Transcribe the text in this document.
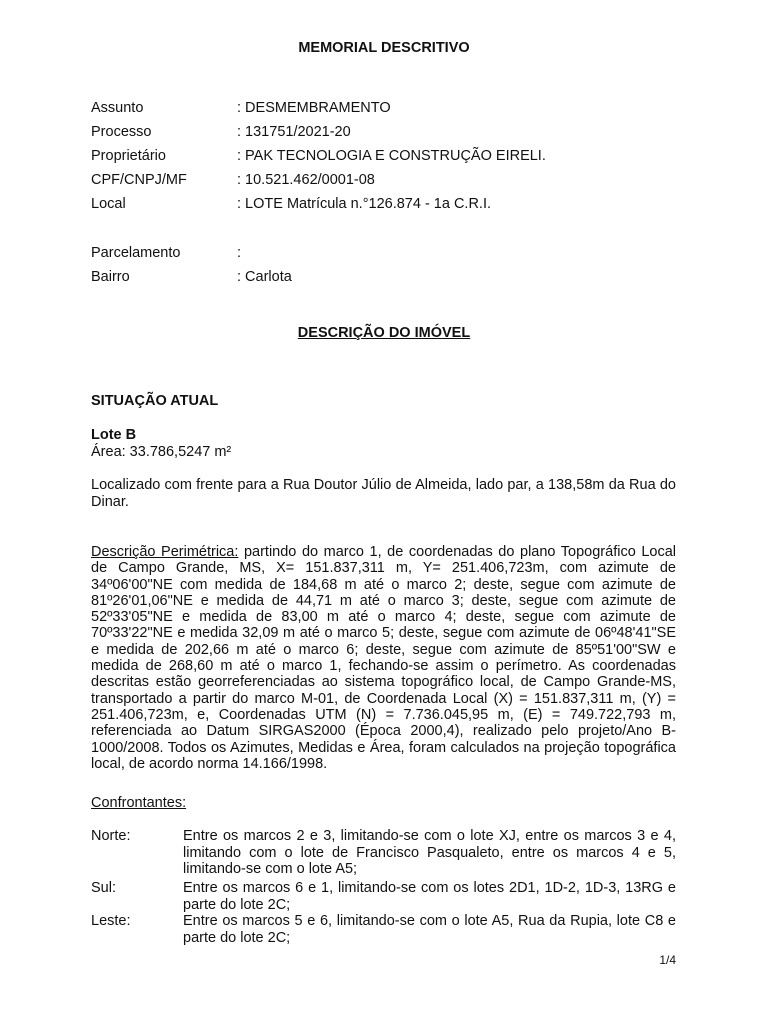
MEMORIAL DESCRITIVO
Assunto	: DESMEMBRAMENTO
Processo	: 131751/2021-20
Proprietário	: PAK TECNOLOGIA E CONSTRUÇÃO EIRELI.
CPF/CNPJ/MF	: 10.521.462/0001-08
Local	: LOTE Matrícula n.°126.874 - 1a C.R.I.
Parcelamento	:
Bairro	: Carlota
DESCRIÇÃO DO IMÓVEL
SITUAÇÃO ATUAL
Lote B
Área: 33.786,5247 m²
Localizado com frente para a Rua Doutor Júlio de Almeida, lado par, a 138,58m da Rua do Dinar.
Descrição Perimétrica: partindo do marco 1, de coordenadas do plano Topográfico Local de Campo Grande, MS, X= 151.837,311 m, Y= 251.406,723m, com azimute de 34º06'00"NE com medida de 184,68 m até o marco 2; deste, segue com azimute de 81º26'01,06"NE e medida de 44,71 m até o marco 3; deste, segue com azimute de 52º33'05"NE e medida de 83,00 m até o marco 4; deste, segue com azimute de 70º33'22"NE e medida 32,09 m até o marco 5; deste, segue com azimute de 06º48'41"SE e medida de 202,66 m até o marco 6; deste, segue com azimute de 85º51'00"SW e medida de 268,60 m até o marco 1, fechando-se assim o perímetro. As coordenadas descritas estão georreferenciadas ao sistema topográfico local, de Campo Grande-MS, transportado a partir do marco M-01, de Coordenada Local (X) = 151.837,311 m, (Y) = 251.406,723m, e, Coordenadas UTM (N) = 7.736.045,95 m, (E) = 749.722,793 m, referenciada ao Datum SIRGAS2000 (Época 2000,4), realizado pelo projeto/Ano B-1000/2008. Todos os Azimutes, Medidas e Área, foram calculados na projeção topográfica local, de acordo norma 14.166/1998.
Confrontantes:
Norte:	Entre os marcos 2 e 3, limitando-se com o lote XJ, entre os marcos 3 e 4, limitando com o lote de Francisco Pasqualeto, entre os marcos 4 e 5, limitando-se com o lote A5;
Sul:	Entre os marcos 6 e 1, limitando-se com os lotes 2D1, 1D-2, 1D-3, 13RG e parte do lote 2C;
Leste:	Entre os marcos 5 e 6, limitando-se com o lote A5, Rua da Rupia, lote C8 e parte do lote 2C;
1/4
